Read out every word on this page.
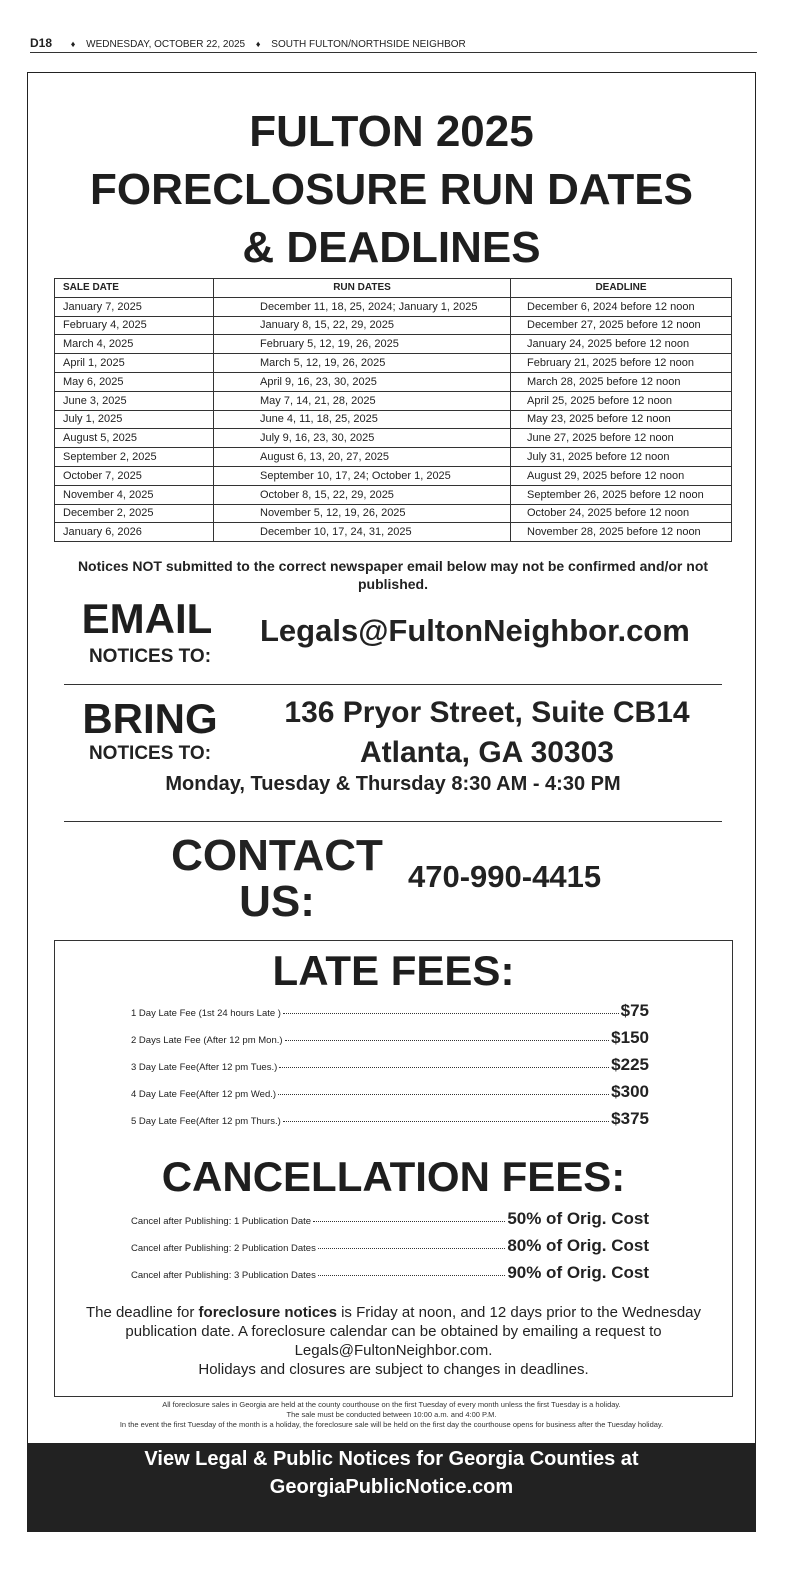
D18 ♦ WEDNESDAY, OCTOBER 22, 2025 ♦ SOUTH FULTON/NORTHSIDE NEIGHBOR
FULTON 2025
FORECLOSURE RUN DATES
& DEADLINES
SALE DATE	RUN DATES	DEADLINE
January 7, 2025	December 11, 18, 25, 2024; January 1, 2025	December 6, 2024 before 12 noon
February 4, 2025	January 8, 15, 22, 29, 2025	December 27, 2025 before 12 noon
March 4, 2025	February 5, 12, 19, 26, 2025	January 24, 2025 before 12 noon
April 1, 2025	March 5, 12, 19, 26, 2025	February 21, 2025 before 12 noon
May 6, 2025	April 9, 16, 23, 30, 2025	March 28, 2025 before 12 noon
June 3, 2025	May 7, 14, 21, 28, 2025	April 25, 2025 before 12 noon
July 1, 2025	June 4, 11, 18, 25, 2025	May 23, 2025 before 12 noon
August 5, 2025	July 9, 16, 23, 30, 2025	June 27, 2025 before 12 noon
September 2, 2025	August 6, 13, 20, 27, 2025	July 31, 2025 before 12 noon
October 7, 2025	September 10, 17, 24; October 1, 2025	August 29, 2025 before 12 noon
November 4, 2025	October 8, 15, 22, 29, 2025	September 26, 2025 before 12 noon
December 2, 2025	November 5, 12, 19, 26, 2025	October 24, 2025 before 12 noon
January 6, 2026	December 10, 17, 24, 31, 2025	November 28, 2025 before 12 noon
Notices NOT submitted to the correct newspaper email below may not be confirmed and/or not published.
EMAIL
NOTICES TO:
Legals@FultonNeighbor.com
BRING
NOTICES TO:
136 Pryor Street, Suite CB14
Atlanta, GA 30303
Monday, Tuesday & Thursday 8:30 AM - 4:30 PM
CONTACT
US:
470-990-4415
LATE FEES:
1 Day Late Fee (1st 24 hours Late )	$75
2 Days Late Fee (After 12 pm Mon.)	$150
3 Day Late Fee(After 12 pm Tues.)	$225
4 Day Late Fee(After 12 pm Wed.)	$300
5 Day Late Fee(After 12 pm Thurs.)	$375
CANCELLATION FEES:
Cancel after Publishing: 1 Publication Date	50% of Orig. Cost
Cancel after Publishing: 2 Publication Dates	80% of Orig. Cost
Cancel after Publishing: 3 Publication Dates	90% of Orig. Cost
The deadline for foreclosure notices is Friday at noon, and 12 days prior to the Wednesday publication date. A foreclosure calendar can be obtained by emailing a request to Legals@FultonNeighbor.com.
Holidays and closures are subject to changes in deadlines.
All foreclosure sales in Georgia are held at the county courthouse on the first Tuesday of every month unless the first Tuesday is a holiday.
The sale must be conducted between 10:00 a.m. and 4:00 P.M.
In the event the first Tuesday of the month is a holiday, the foreclosure sale will be held on the first day the courthouse opens for business after the Tuesday holiday.
View Legal & Public Notices for Georgia Counties at
GeorgiaPublicNotice.com
